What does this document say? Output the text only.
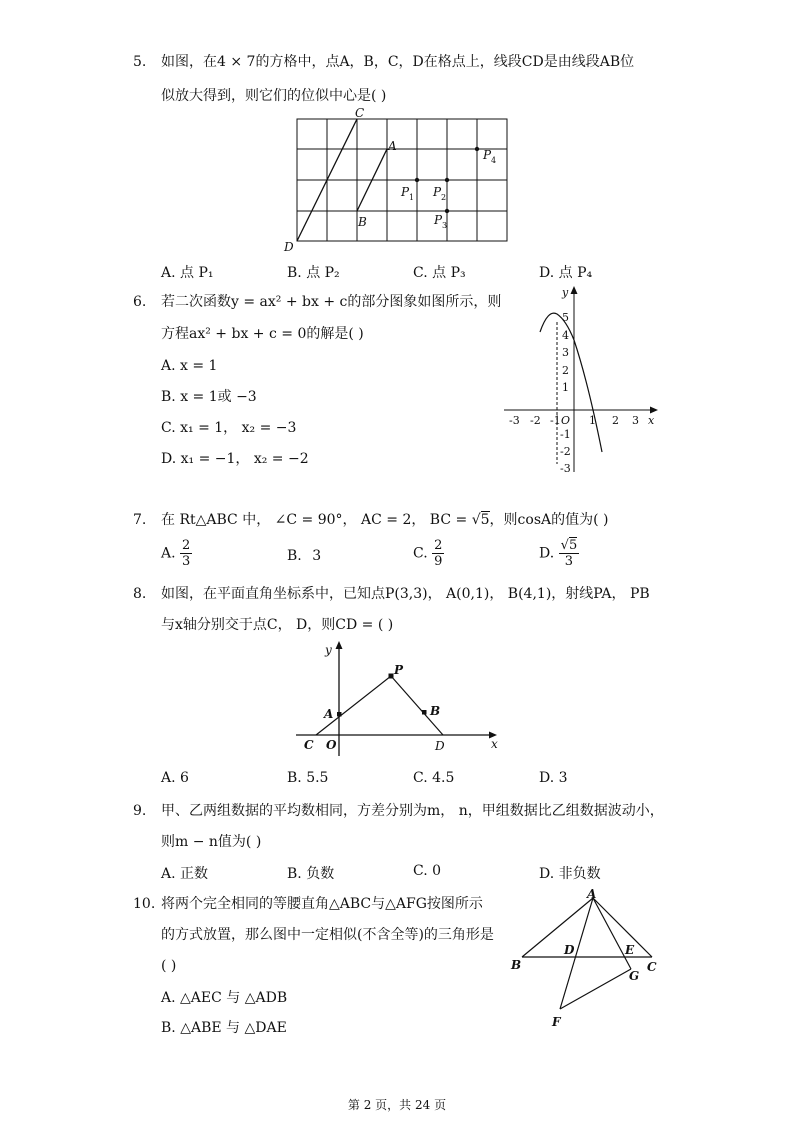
5.	如图，在4 × 7的方格中，点A，B，C，D在格点上，线段CD是由线段AB位
似放大得到，则它们的位似中心是( )
C
A
D
B
P 1 P 2
P 3
P 4
A. 点 P₁	B. 点 P₂	C. 点 P₃	D. 点 P₄
6.	若二次函数y = ax² + bx + c的部分图象如图所示，则
方程ax² + bx + c = 0的解是( )
A. x = 1
B. x = 1或 −3
C. x₁ = 1， x₂ = −3
D. x₁ = −1， x₂ = −2
-3 -2 -1 O 1 2 3 x
y
1
2
3
4
5
-1
-2
-3
7.	在 Rt△ABC 中， ∠C = 90°， AC = 2， BC = √5，则cosA的值为( )
A. $\frac{2}{3}$	B. 3	C. $\frac{2}{9}$	D. $\frac{√5}{3}$
8.	如图，在平面直角坐标系中，已知点P(3,3)， A(0,1)， B(4,1)，射线PA， PB
与x轴分别交于点C， D，则CD = ( )
y
P
A	B
C O	D	x
A. 6	B. 5.5	C. 4.5	D. 3
9.	甲、乙两组数据的平均数相同，方差分别为m， n，甲组数据比乙组数据波动小，
则m − n值为( )
A. 正数	B. 负数	C. 0	D. 非负数
10. 将两个完全相同的等腰直角△ABC与△AFG按图所示
的方式放置，那么图中一定相似(不含全等)的三角形是
( )
A. △AEC 与 △ADB
B. △ABE 与 △DAE
A
B
D	E
C
G
F
第 2 页，共 24 页
